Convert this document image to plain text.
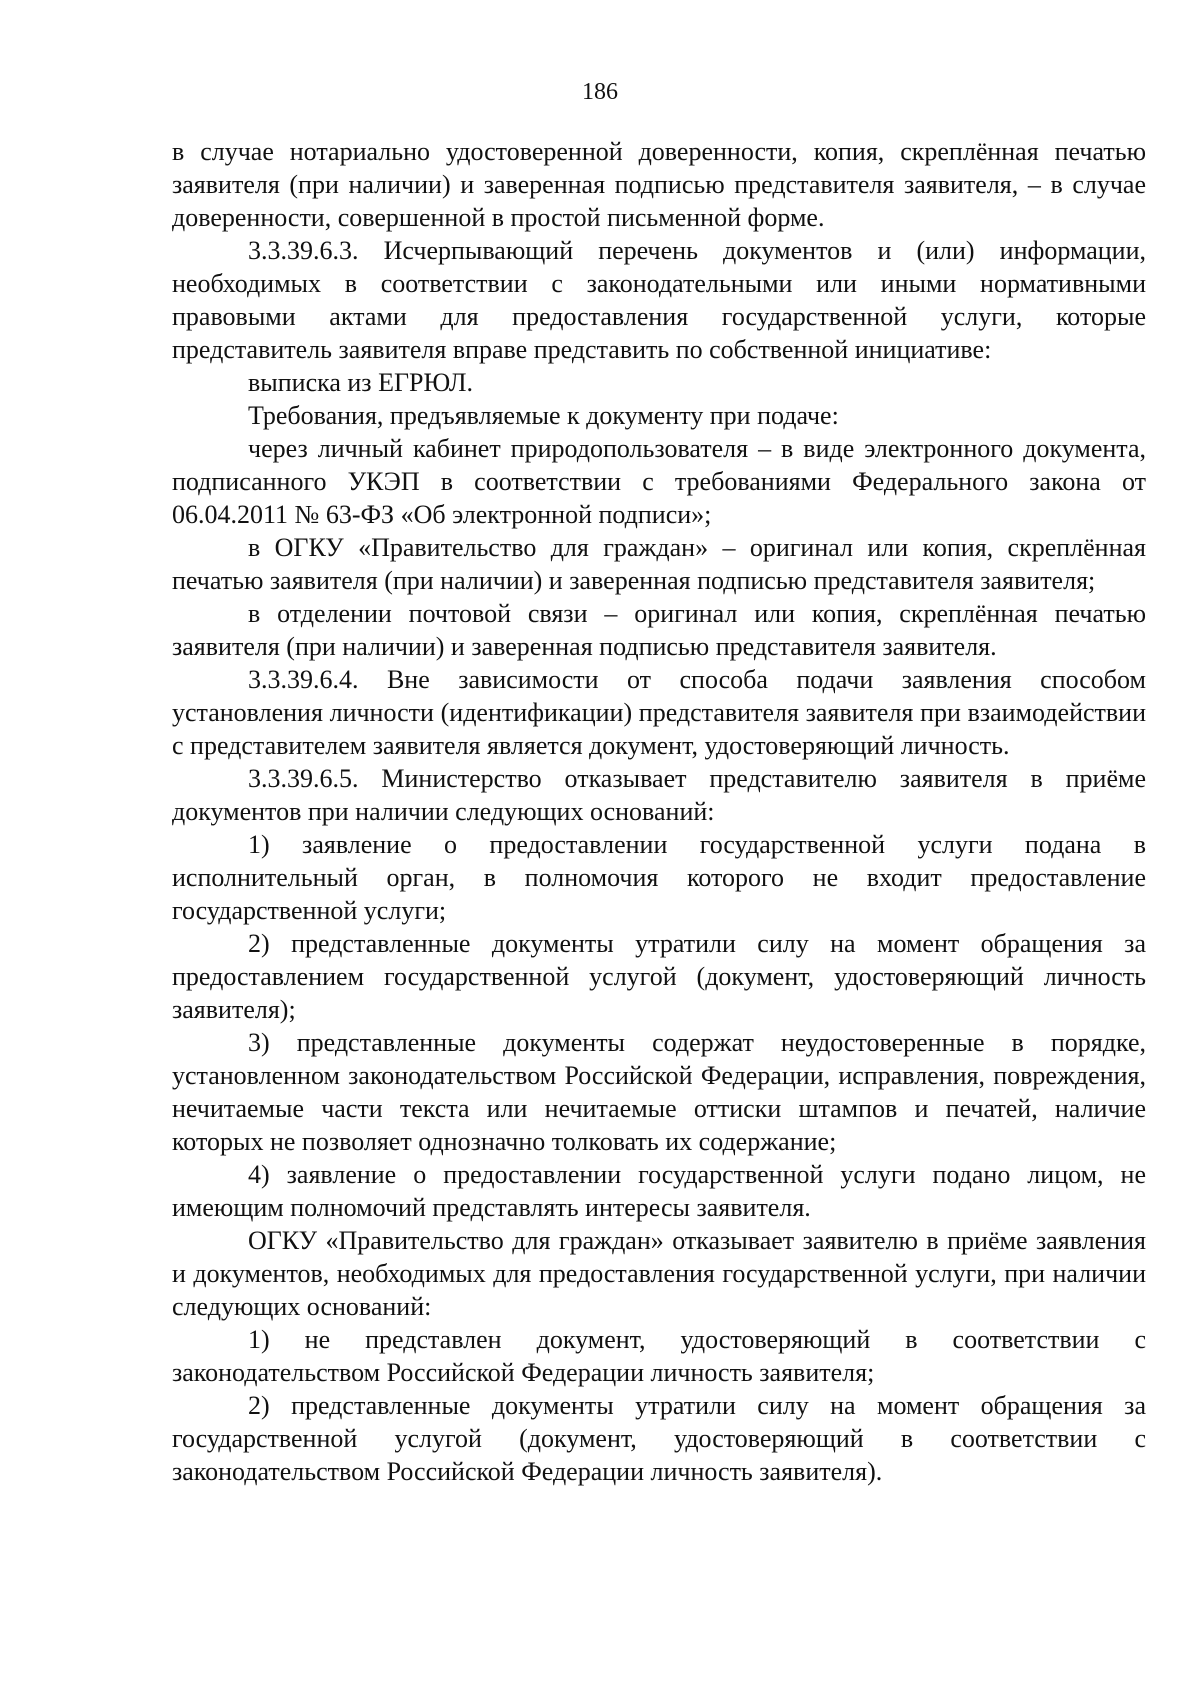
186

в случае нотариально удостоверенной доверенности, копия, скреплённая печатью заявителя (при наличии) и заверенная подписью представителя заявителя, – в случае доверенности, совершенной в простой письменной форме.

3.3.39.6.3. Исчерпывающий перечень документов и (или) информации, необходимых в соответствии с законодательными или иными нормативными правовыми актами для предоставления государственной услуги, которые представитель заявителя вправе представить по собственной инициативе:

выписка из ЕГРЮЛ.

Требования, предъявляемые к документу при подаче:

через личный кабинет природопользователя – в виде электронного документа, подписанного УКЭП в соответствии с требованиями Федерального закона от 06.04.2011 № 63-ФЗ «Об электронной подписи»;

в ОГКУ «Правительство для граждан» – оригинал или копия, скреплённая печатью заявителя (при наличии) и заверенная подписью представителя заявителя;

в отделении почтовой связи – оригинал или копия, скреплённая печатью заявителя (при наличии) и заверенная подписью представителя заявителя.

3.3.39.6.4. Вне зависимости от способа подачи заявления способом установления личности (идентификации) представителя заявителя при взаимодействии с представителем заявителя является документ, удостоверяющий личность.

3.3.39.6.5. Министерство отказывает представителю заявителя в приёме документов при наличии следующих оснований:

1) заявление о предоставлении государственной услуги подана в исполнительный орган, в полномочия которого не входит предоставление государственной услуги;

2) представленные документы утратили силу на момент обращения за предоставлением государственной услугой (документ, удостоверяющий личность заявителя);

3) представленные документы содержат неудостоверенные в порядке, установленном законодательством Российской Федерации, исправления, повреждения, нечитаемые части текста или нечитаемые оттиски штампов и печатей, наличие которых не позволяет однозначно толковать их содержание;

4) заявление о предоставлении государственной услуги подано лицом, не имеющим полномочий представлять интересы заявителя.

ОГКУ «Правительство для граждан» отказывает заявителю в приёме заявления и документов, необходимых для предоставления государственной услуги, при наличии следующих оснований:

1) не представлен документ, удостоверяющий в соответствии с законодательством Российской Федерации личность заявителя;

2) представленные документы утратили силу на момент обращения за государственной услугой (документ, удостоверяющий в соответствии с законодательством Российской Федерации личность заявителя).
